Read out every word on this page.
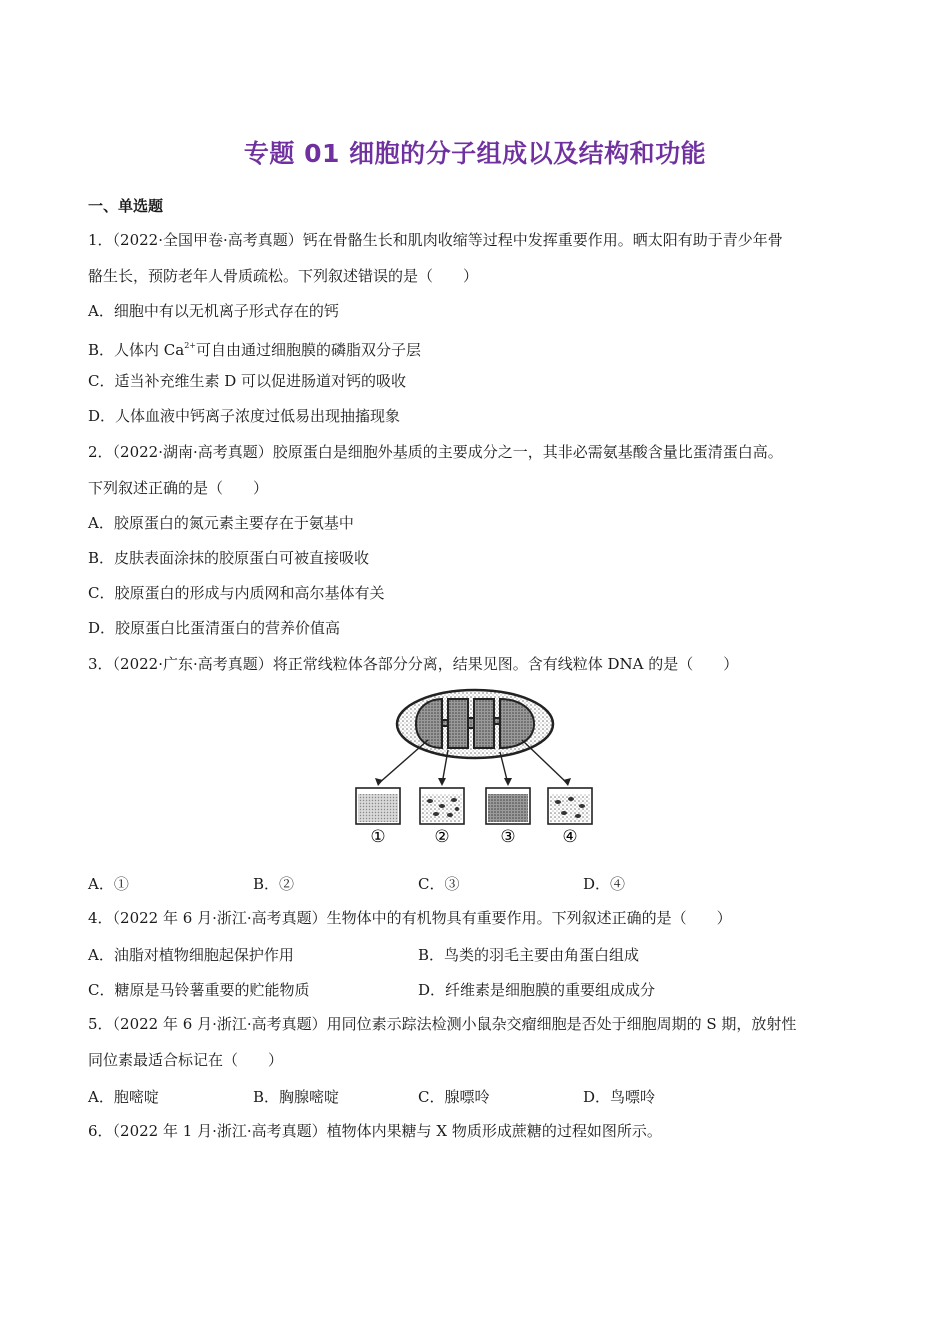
专题 01 细胞的分子组成以及结构和功能
一、单选题
1．（2022·全国甲卷·高考真题）钙在骨骼生长和肌肉收缩等过程中发挥重要作用。晒太阳有助于青少年骨
骼生长，预防老年人骨质疏松。下列叙述错误的是（　　）
A．细胞中有以无机离子形式存在的钙
B．人体内 $Ca^{2+}$可自由通过细胞膜的磷脂双分子层
C．适当补充维生素 D 可以促进肠道对钙的吸收
D．人体血液中钙离子浓度过低易出现抽搐现象
2．（2022·湖南·高考真题）胶原蛋白是细胞外基质的主要成分之一，其非必需氨基酸含量比蛋清蛋白高。
下列叙述正确的是（　　）
A．胶原蛋白的氮元素主要存在于氨基中
B．皮肤表面涂抹的胶原蛋白可被直接吸收
C．胶原蛋白的形成与内质网和高尔基体有关
D．胶原蛋白比蛋清蛋白的营养价值高
3．（2022·广东·高考真题）将正常线粒体各部分分离，结果见图。含有线粒体 DNA 的是（　　）
①	②	③	④
A．①	B．②	C．③	D．④
4．（2022 年 6 月·浙江·高考真题）生物体中的有机物具有重要作用。下列叙述正确的是（　　）
A．油脂对植物细胞起保护作用	B．鸟类的羽毛主要由角蛋白组成
C．糖原是马铃薯重要的贮能物质	D．纤维素是细胞膜的重要组成成分
5．（2022 年 6 月·浙江·高考真题）用同位素示踪法检测小鼠杂交瘤细胞是否处于细胞周期的 S 期，放射性
同位素最适合标记在（　　）
A．胞嘧啶	B．胸腺嘧啶	C．腺嘌呤	D．鸟嘌呤
6．（2022 年 1 月·浙江·高考真题）植物体内果糖与 X 物质形成蔗糖的过程如图所示。
